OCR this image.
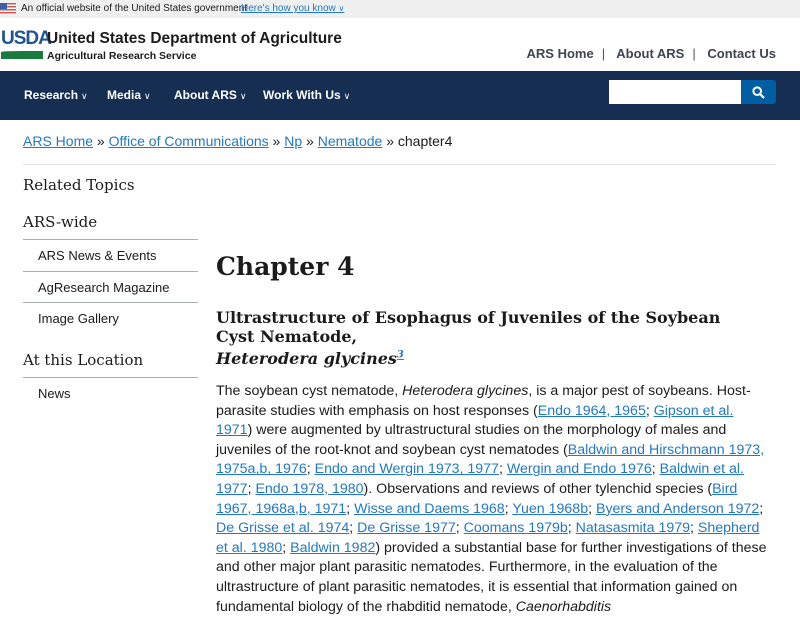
An official website of the United States government
Here's how you know ∨
USDA
United States Department of Agriculture
Agricultural Research Service	ARS Home | About ARS | Contact Us
Research ∨ Media ∨ About ARS ∨ Work With Us ∨
ARS Home » Office of Communications » Np » Nematode » chapter4
Related Topics
ARS-wide
ARS News & Events
AgResearch Magazine
Image Gallery
At this Location
News
Chapter 4
Ultrastructure of Esophagus of Juveniles of the Soybean Cyst Nematode,
Heterodera glycines$^3$

The soybean cyst nematode, Heterodera glycines, is a major pest of soybeans. Host-parasite studies with emphasis on host responses (Endo 1964, 1965; Gipson et al. 1971) were augmented by ultrastructural studies on the morphology of males and juveniles of the root-knot and soybean cyst nematodes (Baldwin and Hirschmann 1973, 1975a,b, 1976; Endo and Wergin 1973, 1977; Wergin and Endo 1976; Baldwin et al. 1977; Endo 1978, 1980). Observations and reviews of other tylenchid species (Bird 1967, 1968a,b, 1971; Wisse and Daems 1968; Yuen 1968b; Byers and Anderson 1972; De Grisse et al. 1974; De Grisse 1977; Coomans 1979b; Natasasmita 1979; Shepherd et al. 1980; Baldwin 1982) provided a substantial base for further investigations of these and other major plant parasitic nematodes. Furthermore, in the evaluation of the ultrastructure of plant parasitic nematodes, it is essential that information gained on fundamental biology of the rhabditid nematode, Caenorhabditis
